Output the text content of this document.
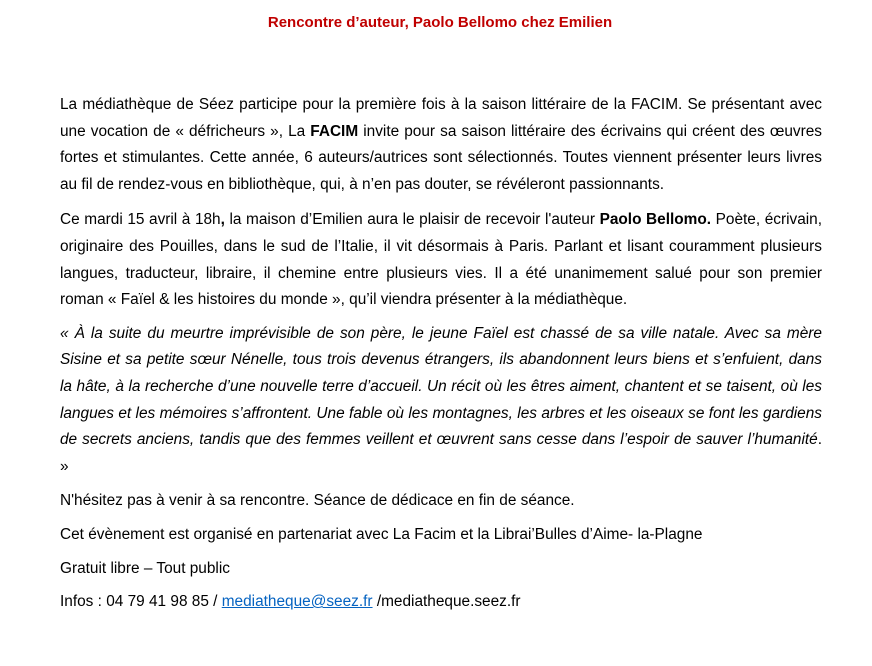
Rencontre d’auteur, Paolo Bellomo chez Emilien

La médiathèque de Séez participe pour la première fois à la saison littéraire de la FACIM. Se présentant avec une vocation de « défricheurs », La FACIM invite pour sa saison littéraire des écrivains qui créent des œuvres fortes et stimulantes. Cette année, 6 auteurs/autrices sont sélectionnés. Toutes viennent présenter leurs livres au fil de rendez-vous en bibliothèque, qui, à n’en pas douter, se révéleront passionnants.

Ce mardi 15 avril à 18h, la maison d’Emilien aura le plaisir de recevoir l'auteur Paolo Bellomo. Poète, écrivain, originaire des Pouilles, dans le sud de l’Italie, il vit désormais à Paris. Parlant et lisant couramment plusieurs langues, traducteur, libraire, il chemine entre plusieurs vies. Il a été unanimement salué pour son premier roman « Faïel & les histoires du monde », qu’il viendra présenter à la médiathèque.

« À la suite du meurtre imprévisible de son père, le jeune Faïel est chassé de sa ville natale. Avec sa mère Sisine et sa petite sœur Nénelle, tous trois devenus étrangers, ils abandonnent leurs biens et s’enfuient, dans la hâte, à la recherche d’une nouvelle terre d’accueil. Un récit où les êtres aiment, chantent et se taisent, où les langues et les mémoires s’affrontent. Une fable où les montagnes, les arbres et les oiseaux se font les gardiens de secrets anciens, tandis que des femmes veillent et œuvrent sans cesse dans l’espoir de sauver l’humanité. »

N'hésitez pas à venir à sa rencontre. Séance de dédicace en fin de séance.

Cet évènement est organisé en partenariat avec La Facim et la Librai’Bulles d’Aime- la-Plagne

Gratuit libre – Tout public

Infos : 04 79 41 98 85 / mediatheque@seez.fr /mediatheque.seez.fr
